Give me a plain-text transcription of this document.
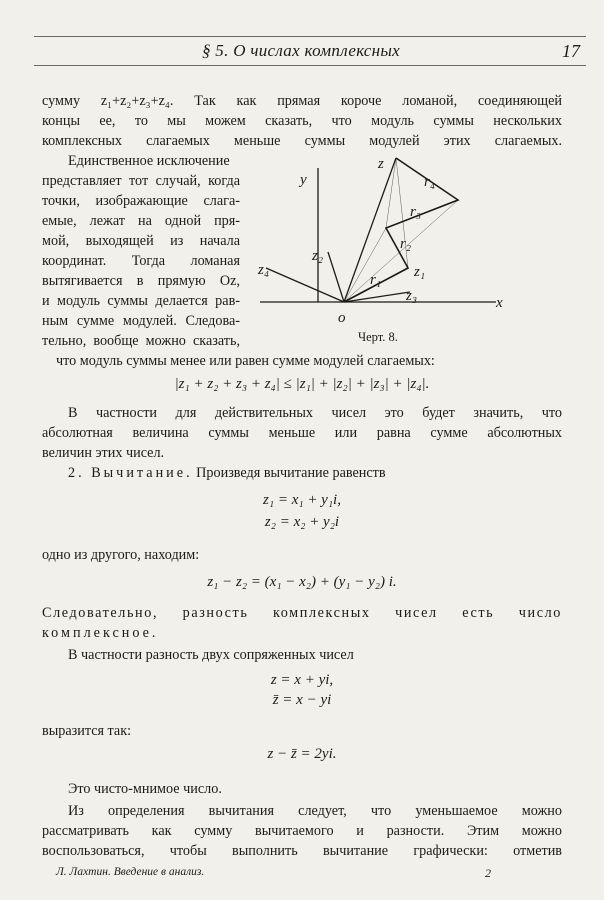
§ 5. О числах комплексных	17
сумму z₁+z₂+z₃+z₄. Так как прямая короче ломаной, соединяющей
концы ее, то мы можем сказать, что модуль суммы нескольких
комплексных слагаемых меньше суммы модулей этих слагаемых.
Единственное исключение
представляет тот случай, когда
точки, изображающие слага-
емые, лежат на одной пря-
мой, выходящей из начала
координат. Тогда ломаная
вытягивается в прямую Oz,
и модуль суммы делается рав-
ным сумме модулей. Следова-
тельно, вообще можно сказать,
что модуль суммы менее или равен сумме модулей слагаемых:
z
y
x
o
z₄
z₂
z₁
z₃
r₁
r₂
r₃
r₄
Черт. 8.
|z₁ + z₂ + z₃ + z₄| ≤ |z₁| + |z₂| + |z₃| + |z₄|.
В частности для действительных чисел это будет значить, что
абсолютная величина суммы меньше или равна сумме абсолютных
величин этих чисел.
2. Вычитание. Произведя вычитание равенств
z₁ = x₁ + y₁i,
z₂ = x₂ + y₂i
одно из другого, находим:
z₁ − z₂ = (x₁ − x₂) + (y₁ − y₂) i.
Следовательно, разность комплексных чисел есть число
комплексное.
В частности разность двух сопряженных чисел
z = x + yi,
z̄ = x − yi
выразится так:
z − z̄ = 2yi.
Это чисто-мнимое число.
Из определения вычитания следует, что уменьшаемое можно
рассматривать как сумму вычитаемого и разности. Этим можно
воспользоваться, чтобы выполнить вычитание графически: отметив
Л. Лахтин. Введение в анализ.	2
